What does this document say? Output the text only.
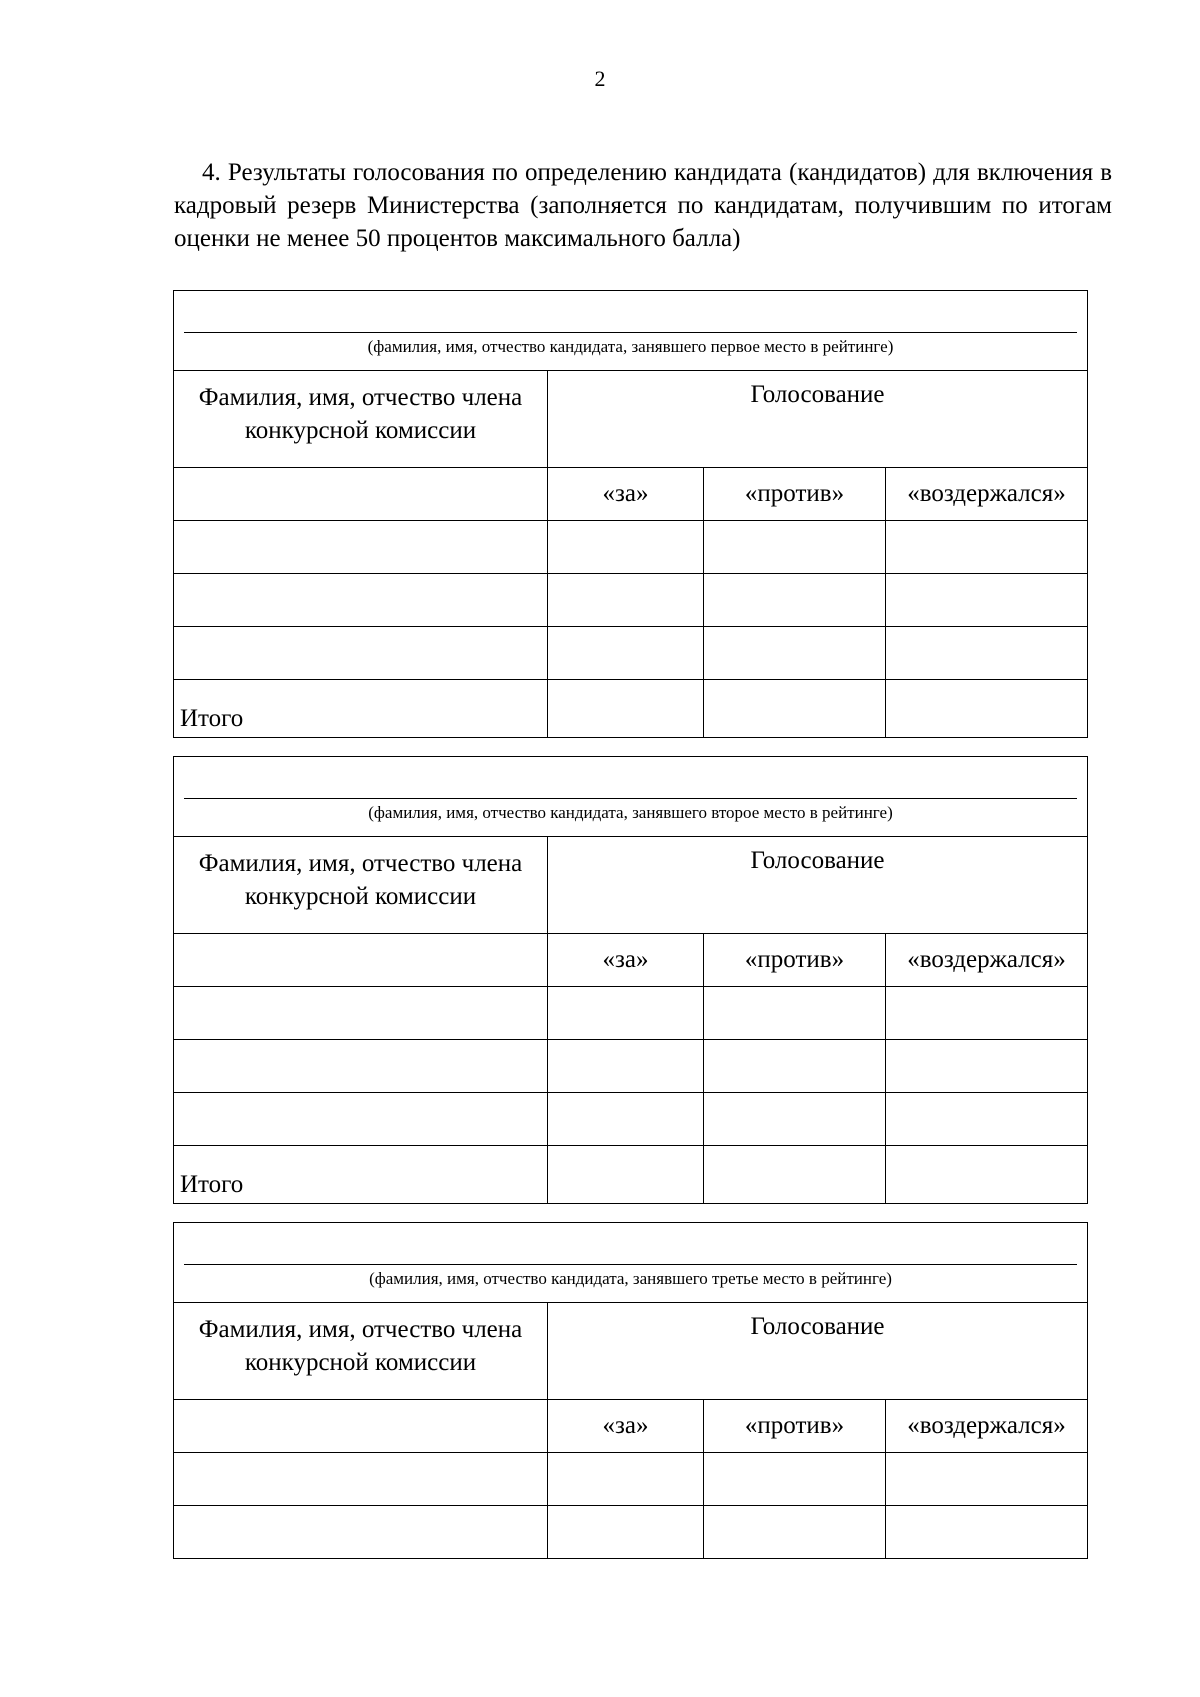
2
4. Результаты голосования по определению кандидата (кандидатов) для включения в кадровый резерв Министерства (заполняется по кандидатам, получившим по итогам оценки не менее 50 процентов максимального балла)
(фамилия, имя, отчество кандидата, занявшего первое место в рейтинге)			

Фамилия, имя, отчество члена конкурсной комиссии	Голосование		
	«за»	«против»	«воздержался»

Итого			
(фамилия, имя, отчество кандидата, занявшего второе место в рейтинге)			

Фамилия, имя, отчество члена конкурсной комиссии	Голосование		
	«за»	«против»	«воздержался»

Итого			
(фамилия, имя, отчество кандидата, занявшего третье место в рейтинге)			

Фамилия, имя, отчество члена конкурсной комиссии	Голосование		
	«за»	«против»	«воздержался»
